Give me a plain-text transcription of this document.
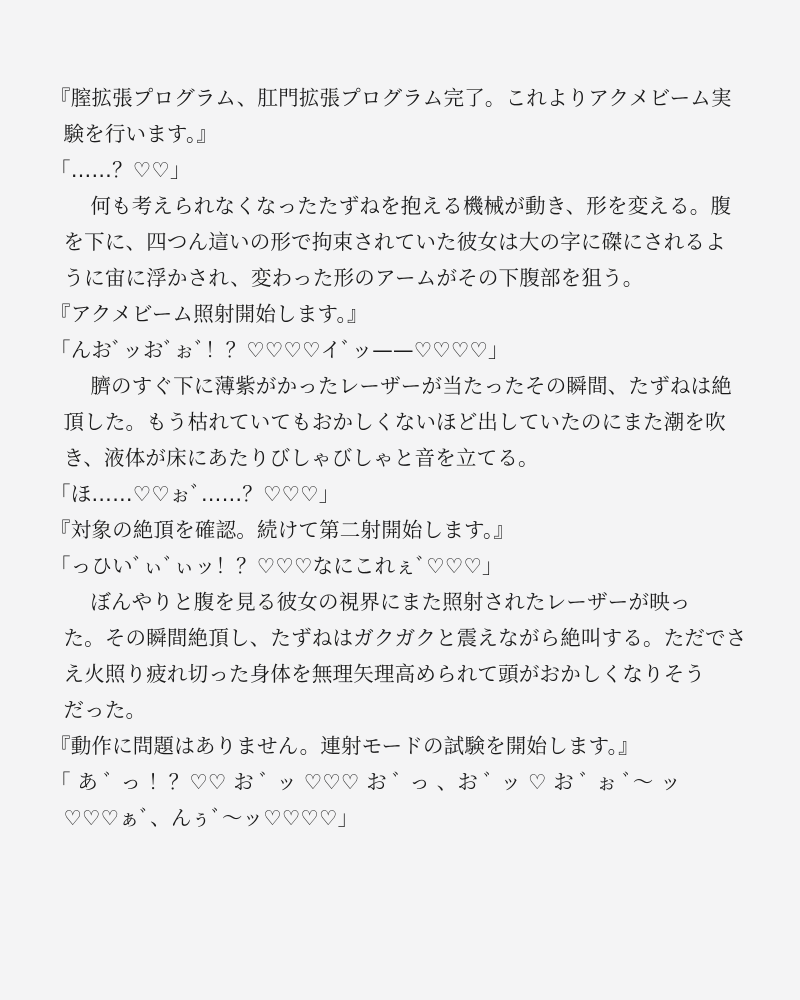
『膣拡張プログラム、肛門拡張プログラム完了。これよりアクメビーム実
験を行います。』
「……？♡♡」
何も考えられなくなったたずねを抱える機械が動き、形を変える。腹
を下に、四つん這いの形で拘束されていた彼女は大の字に磔にされるよ
うに宙に浮かされ、変わった形のアームがその下腹部を狙う。
『アクメビーム照射開始します。』
「んおﾞッおﾞぉﾞ！？♡♡♡♡イﾞッ——♡♡♡♡」
臍のすぐ下に薄紫がかったレーザーが当たったその瞬間、たずねは絶
頂した。もう枯れていてもおかしくないほど出していたのにまた潮を吹
き、液体が床にあたりびしゃびしゃと音を立てる。
「ほ……♡♡ぉﾞ……？♡♡♡」
『対象の絶頂を確認。続けて第二射開始します。』
「っひいﾞぃﾞぃッ！？♡♡♡なにこれぇﾞ♡♡♡」
ぼんやりと腹を見る彼女の視界にまた照射されたレーザーが映っ
た。その瞬間絶頂し、たずねはガクガクと震えながら絶叫する。ただでさ
え火照り疲れ切った身体を無理矢理高められて頭がおかしくなりそう
だった。
『動作に問題はありません。連射モードの試験を開始します。』
「 あ ﾞ っ ！？♡♡ お ﾞ ッ ♡♡♡ お ﾞ っ 、お ﾞ ッ ♡ お ﾞ ぉ ﾞ〜 ッ
♡♡♡ぁﾞ、んぅﾞ〜ッ♡♡♡♡」
